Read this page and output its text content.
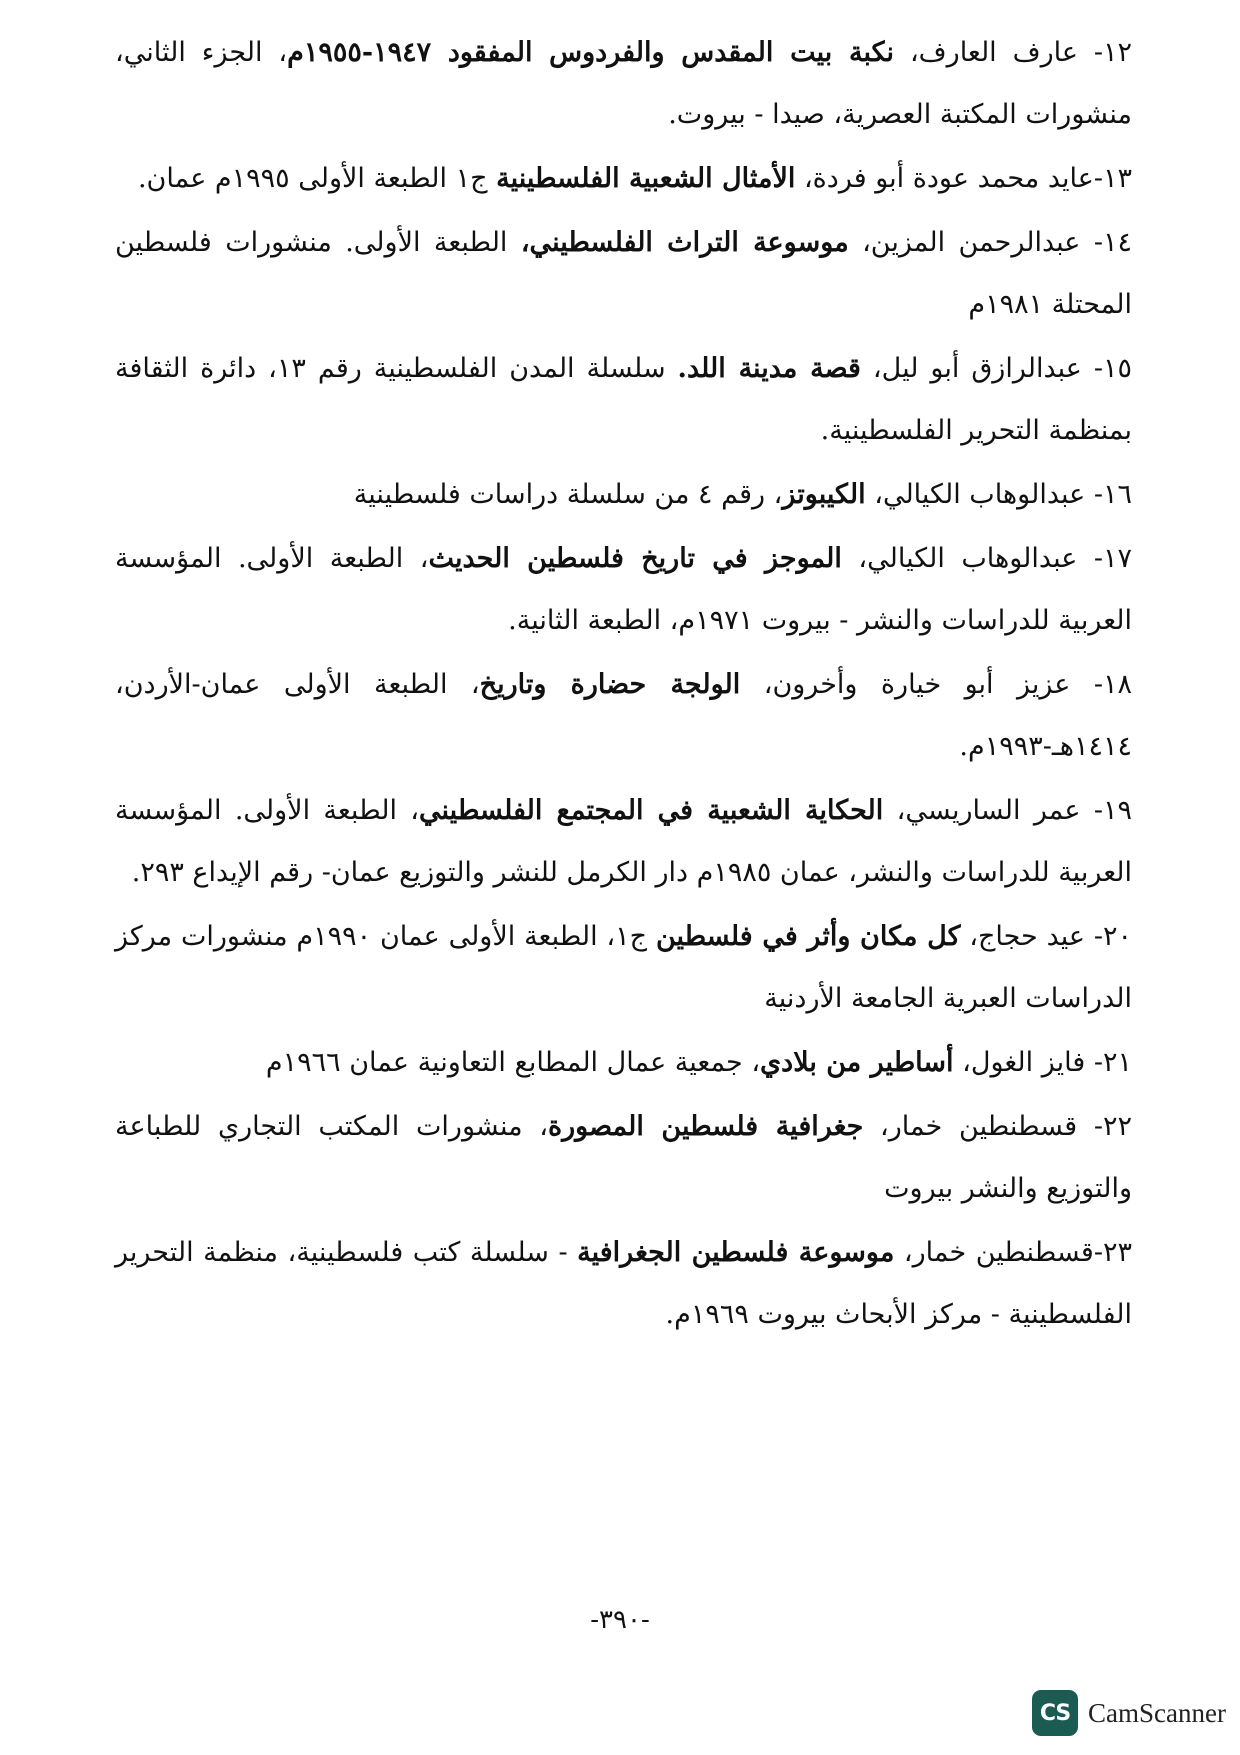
١٢- عارف العارف، نكبة بيت المقدس والفردوس المفقود ١٩٤٧-١٩٥٥م، الجزء الثاني، منشورات المكتبة العصرية، صيدا - بيروت.

١٣-عايد محمد عودة أبو فردة، الأمثال الشعبية الفلسطينية ج١ الطبعة الأولى ١٩٩٥م عمان.

١٤- عبدالرحمن المزين، موسوعة التراث الفلسطيني، الطبعة الأولى. منشورات فلسطين المحتلة ١٩٨١م

١٥- عبدالرازق أبو ليل، قصة مدينة اللد. سلسلة المدن الفلسطينية رقم ١٣، دائرة الثقافة بمنظمة التحرير الفلسطينية.

١٦- عبدالوهاب الكيالي، الكيبوتز، رقم ٤ من سلسلة دراسات فلسطينية

١٧- عبدالوهاب الكيالي، الموجز في تاريخ فلسطين الحديث، الطبعة الأولى. المؤسسة العربية للدراسات والنشر - بيروت ١٩٧١م، الطبعة الثانية.

١٨- عزيز أبو خيارة وأخرون، الولجة حضارة وتاريخ، الطبعة الأولى عمان-الأردن، ١٤١٤هـ-١٩٩٣م.

١٩- عمر الساريسي، الحكاية الشعبية في المجتمع الفلسطيني، الطبعة الأولى. المؤسسة العربية للدراسات والنشر، عمان ١٩٨٥م دار الكرمل للنشر والتوزيع عمان- رقم الإيداع ٢٩٣.

٢٠- عيد حجاج، كل مكان وأثر في فلسطين ج١، الطبعة الأولى عمان ١٩٩٠م منشورات مركز الدراسات العبرية الجامعة الأردنية

٢١- فايز الغول، أساطير من بلادي، جمعية عمال المطابع التعاونية عمان ١٩٦٦م

٢٢- قسطنطين خمار، جغرافية فلسطين المصورة، منشورات المكتب التجاري للطباعة والتوزيع والنشر بيروت

٢٣-قسطنطين خمار، موسوعة فلسطين الجغرافية - سلسلة كتب فلسطينية، منظمة التحرير الفلسطينية - مركز الأبحاث بيروت ١٩٦٩م.

-٣٩٠-
CS CamScanner
